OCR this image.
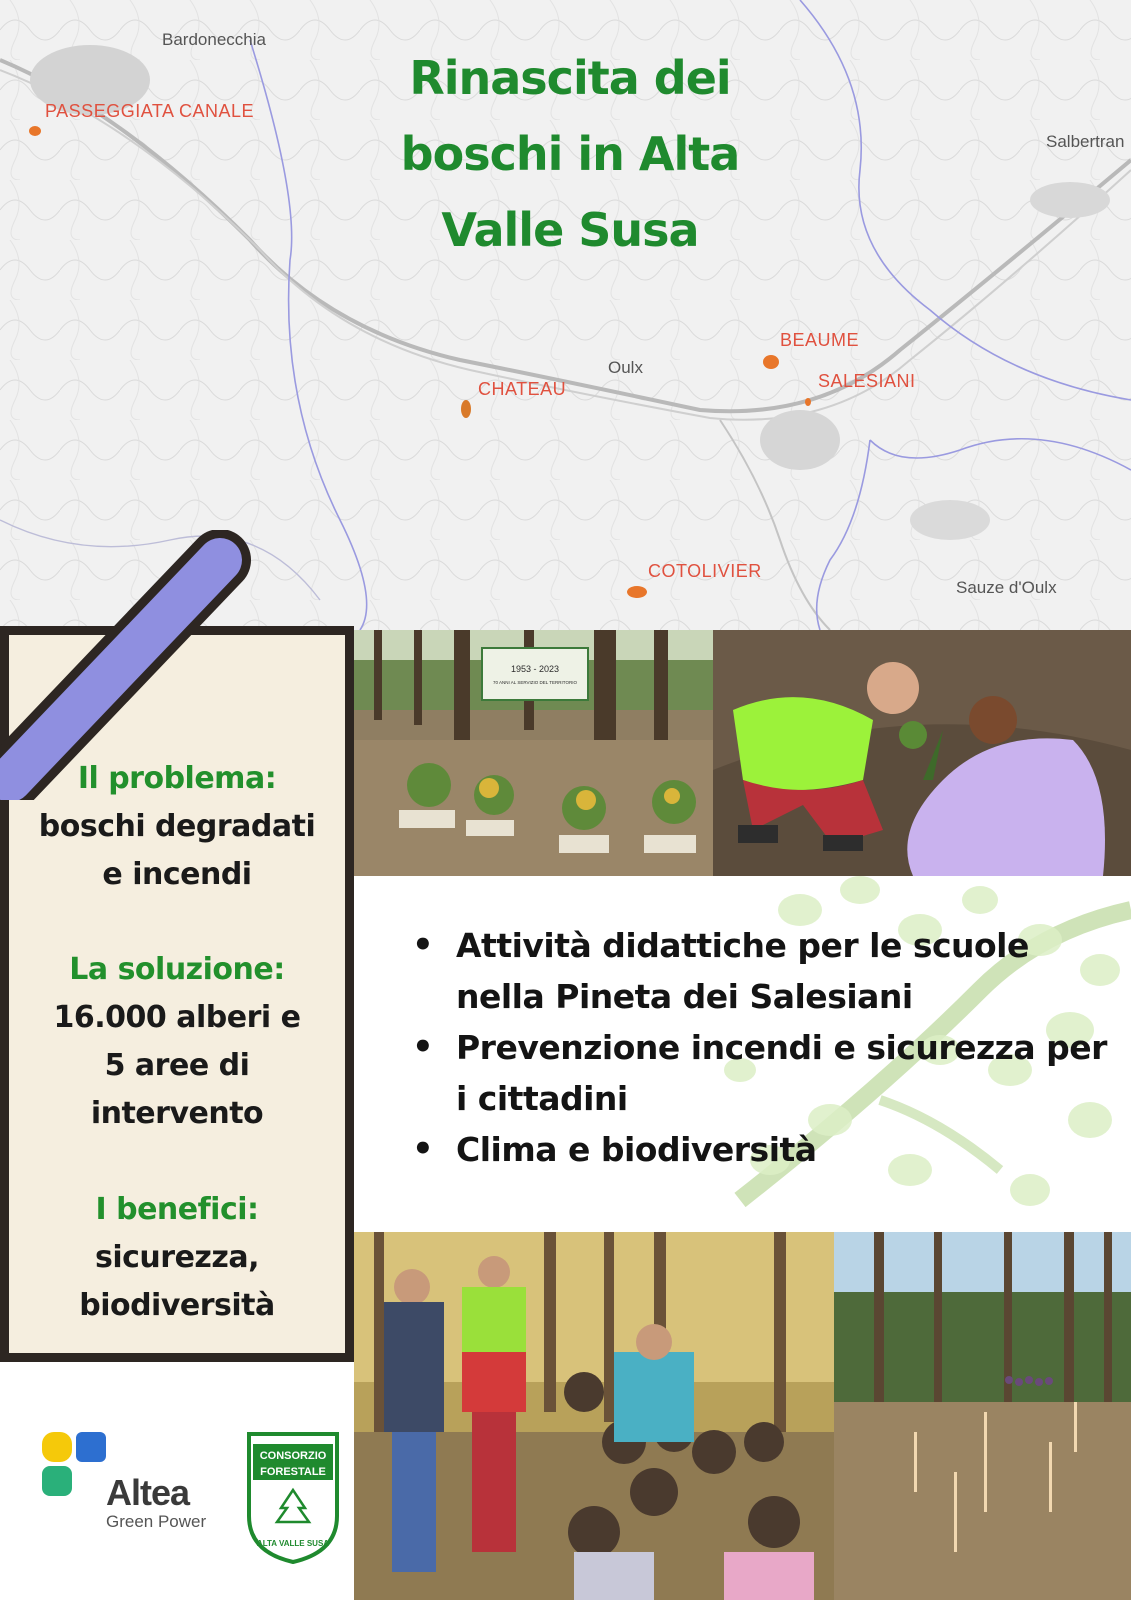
Bardonecchia
Oulx
Salbertran
Sauze d'Oulx
PASSEGGIATA CANALE
CHATEAU
BEAUME
SALESIANI
COTOLIVIER
Rinascita dei boschi in Alta Valle Susa
Il problema:
boschi degradati
e incendi
La soluzione:
16.000 alberi e
5 aree di
intervento
I benefici:
sicurezza,
biodiversità
1953 - 2023
70 ANNI AL SERVIZIO DEL TERRITORIO
• Attività didattiche per le scuole nella Pineta dei Salesiani
• Prevenzione incendi e sicurezza per i cittadini
• Clima e biodiversità
Altea
Green Power
CONSORZIO
FORESTALE
ALTA VALLE SUSA
